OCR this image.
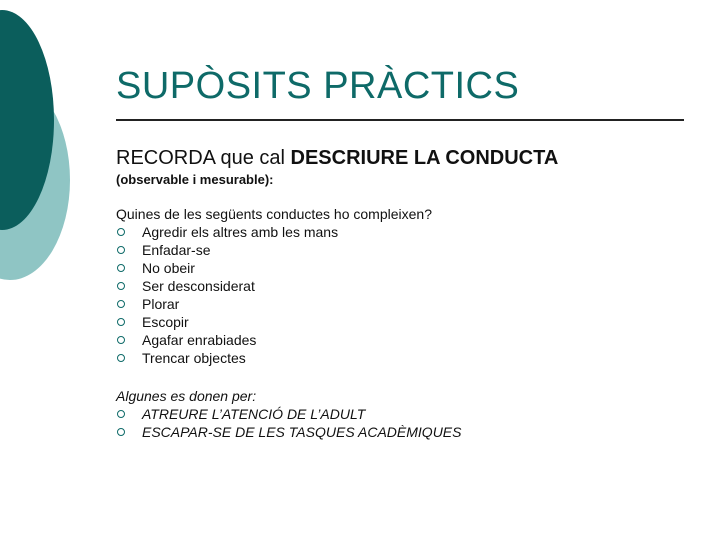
SUPÒSITS PRÀCTICS
RECORDA que cal DESCRIURE LA CONDUCTA
(observable i mesurable):
Quines de les següents conductes ho compleixen?
Agredir els altres amb les mans
Enfadar-se
No obeir
Ser desconsiderat
Plorar
Escopir
Agafar enrabiades
Trencar objectes
Algunes es donen per:
ATREURE L’ATENCIÓ DE L’ADULT
ESCAPAR-SE DE LES TASQUES ACADÈMIQUES
